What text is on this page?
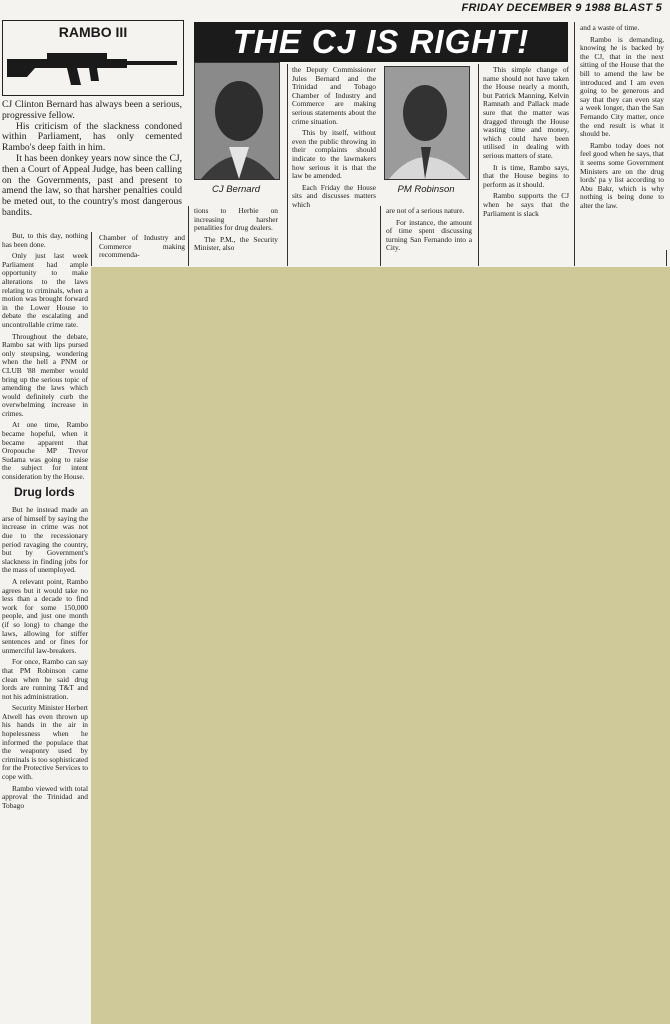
FRIDAY DECEMBER 9 1988 BLAST 5
RAMBO III	THE CJ IS RIGHT!
CJ Bernard	PM Robinson

CJ Clinton Bernard has always been a serious, progressive fellow.

His criticism of the slackness condoned within Parliament, has only cemented Rambo's deep faith in him.

It has been donkey years now since the CJ, then a Court of Appeal Judge, has been calling on the Governments, past and present to amend the law, so that harsher penalties could be meted out, to the country's most dangerous bandits.

But, to this day, nothing has been done.

Only just last week Parliament had ample opportunity to make alterations to the laws relating to criminals, when a motion was brought forward in the Lower House to debate the escalating and uncontrollable crime rate.

Throughout the debate, Rambo sat with lips pursed only steupsing, wondering when the hell a PNM or CLUB '88 member would bring up the serious topic of amending the laws which would definitely curb the overwhelming increase in crimes.

At one time, Rambo became hopeful, when it became apparent that Oropouche MP Trevor Sudama was going to raise the subject for intent consideration by the House.

Drug lords

But he instead made an arse of himself by saying the increase in crime was not due to the recessionary period ravaging the country, but by Government's slackness in finding jobs for the mass of unemployed.

A relevant point, Rambo agrees but it would take no less than a decade to find work for some 150,000 people, and just one month (if so long) to change the laws, allowing for stiffer sentences and or fines for unmerciful law-breakers.

For once, Rambo can say that PM Robinson came clean when he said drug lords are running T&T and not his administration.

Security Minister Herbert Atwell has even thrown up his hands in the air in hopelessness when he informed the populace that the weaponry used by criminals is too sophisticated for the Protective Services to cope with.

Rambo viewed with total approval the Trinidad and Tobago

Chamber of Industry and Commerce making recommenda-

tions to Herbie on increasing harsher penalities for drug dealers.

The P.M., the Security Minister, also

the Deputy Commissioner Jules Bernard and the Trinidad and Tobago Chamber of Industry and Commerce are making serious statements about the crime situation.

This by itself, without even the public throwing in their complaints should indicate to the lawmakers how serious it is that the law be amended.

Each Friday the House sits and discusses matters which

are not of a serious nature.

For instance, the amount of time spent discussing turning San Fernando into a City.

This simple change of name should not have taken the House nearly a month, but Patrick Manning, Kelvin Ramnath and Pallack made sure that the matter was dragged through the House wasting time and money, which could have been utilised in dealing with serious matters of state.

It is time, Rambo says, that the House begins to perform as it should.

Rambo supports the CJ when he says that the Parliament is slack

and a waste of time.

Rambo is demanding, knowing he is backed by the CJ, that in the next sitting of the House that the bill to amend the law be introduced and I am even going to be generous and say that they can even stay a week longer, than the San Fernando City matter, once the end result is what it should be.

Rambo today does not feel good when he says, that it seems some Government Ministers are on the drug lords' pa y list according to Abu Bakr, which is why nothing is being done to alter the law.
